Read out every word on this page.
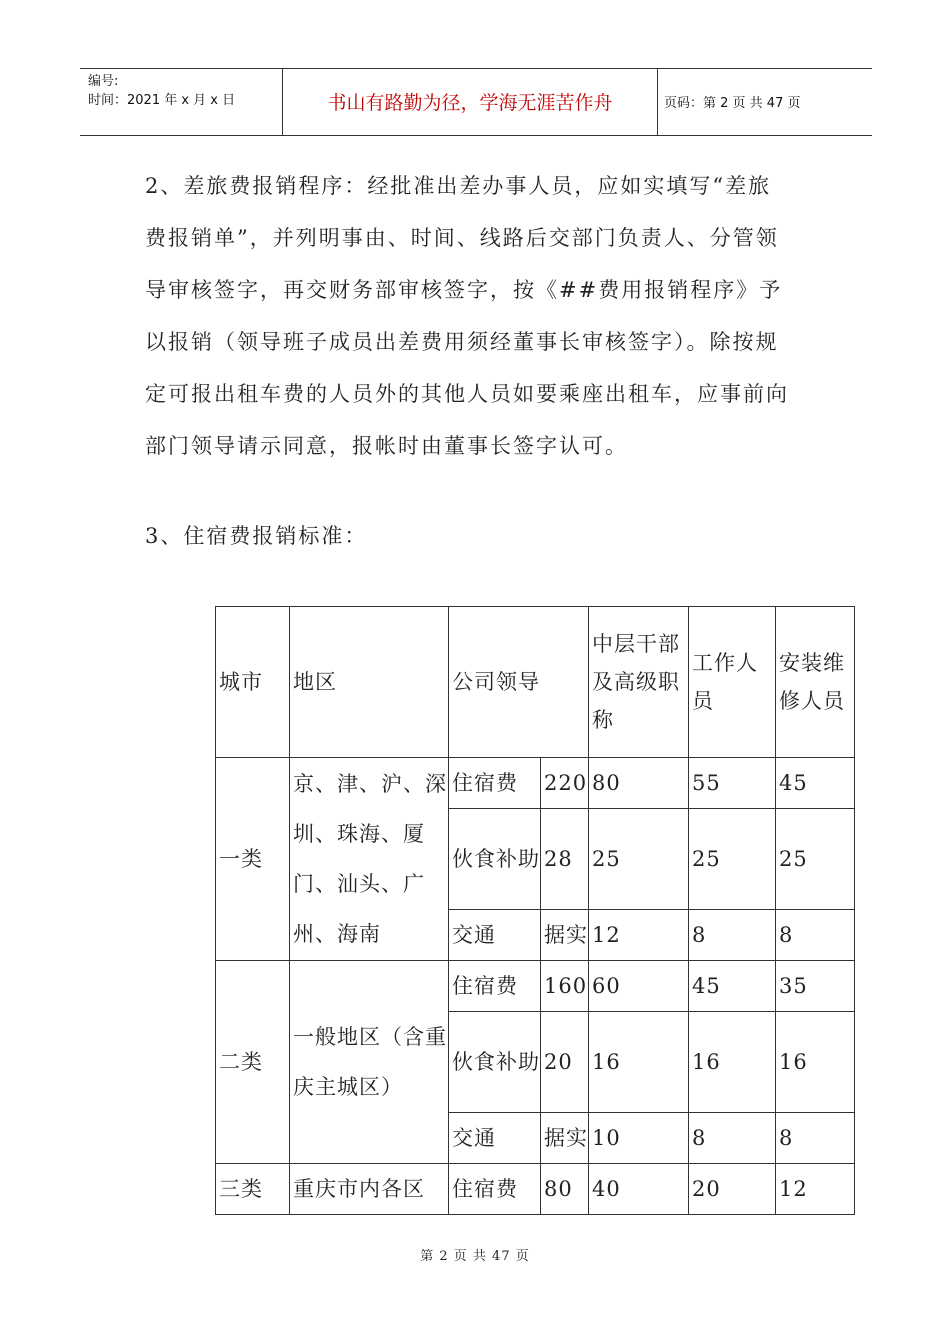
编号:
时间：2021 年 x 月 x 日	书山有路勤为径，学海无涯苦作舟	页码：第 2 页 共 47 页
2、差旅费报销程序：经批准出差办事人员，应如实填写“差旅费报销单”，并列明事由、时间、线路后交部门负责人、分管领导审核签字，再交财务部审核签字，按《##费用报销程序》予以报销（领导班子成员出差费用须经董事长审核签字）。除按规定可报出租车费的人员外的其他人员如要乘座出租车，应事前向部门领导请示同意，报帐时由董事长签字认可。
3、住宿费报销标准：
城市	地区	公司领导		中层干部及高级职称	工作人员	安装维修人员
一类	京、津、沪、深圳、珠海、厦门、汕头、广州、海南	住宿费	220	80	55	45
		伙食补助	28	25	25	25
		交通	据实	12	8	8
二类	一般地区（含重庆主城区）	住宿费	160	60	45	35
		伙食补助	20	16	16	16
		交通	据实	10	8	8
三类	重庆市内各区	住宿费	80	40	20	12
第 2 页 共 47 页
